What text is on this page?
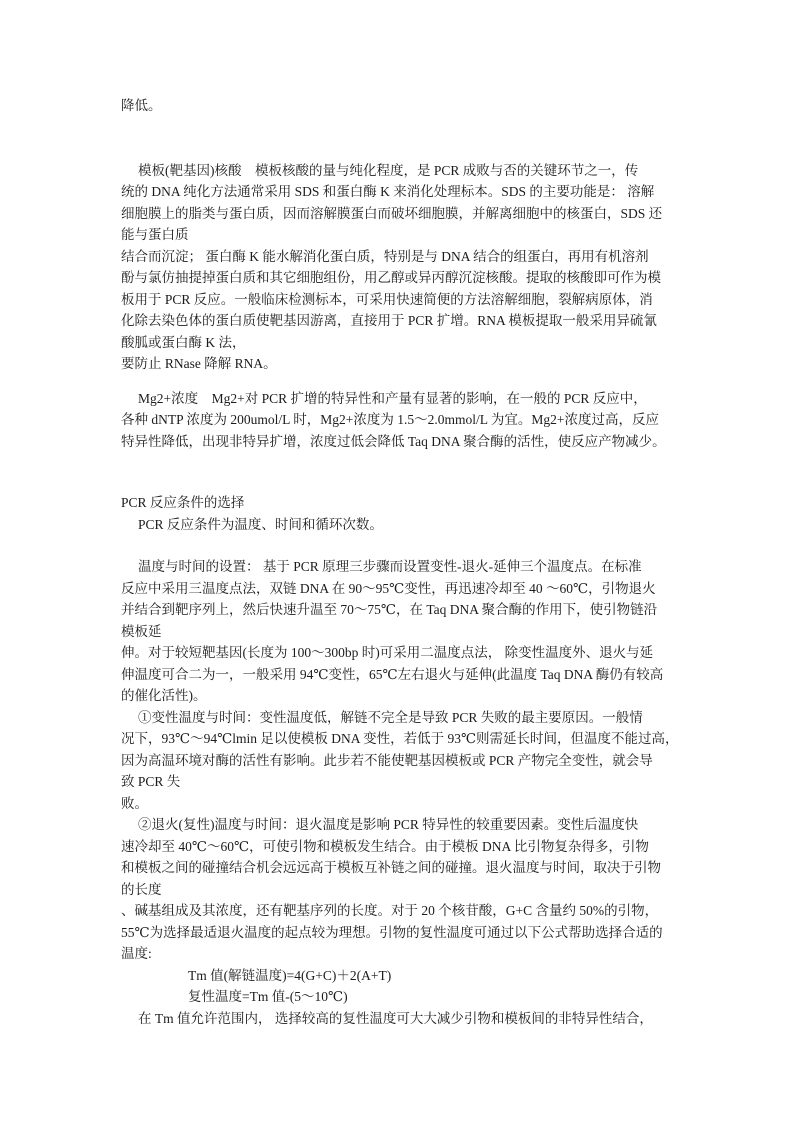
降低。
模板(靶基因)核酸　模板核酸的量与纯化程度，是 PCR 成败与否的关键环节之一，传
统的 DNA 纯化方法通常采用 SDS 和蛋白酶 K 来消化处理标本。SDS 的主要功能是： 溶解
细胞膜上的脂类与蛋白质，因而溶解膜蛋白而破坏细胞膜，并解离细胞中的核蛋白，SDS 还
能与蛋白质
结合而沉淀； 蛋白酶 K 能水解消化蛋白质，特别是与 DNA 结合的组蛋白，再用有机溶剂
酚与氯仿抽提掉蛋白质和其它细胞组份，用乙醇或异丙醇沉淀核酸。提取的核酸即可作为模
板用于 PCR 反应。一般临床检测标本，可采用快速简便的方法溶解细胞，裂解病原体，消
化除去染色体的蛋白质使靶基因游离，直接用于 PCR 扩增。RNA 模板提取一般采用异硫氰
酸胍或蛋白酶 K 法，
要防止 RNase 降解 RNA。
Mg2+浓度　Mg2+对 PCR 扩增的特异性和产量有显著的影响，在一般的 PCR 反应中，
各种 dNTP 浓度为 200umol/L 时，Mg2+浓度为 1.5～2.0mmol/L 为宜。Mg2+浓度过高，反应
特异性降低，出现非特异扩增，浓度过低会降低 Taq DNA 聚合酶的活性，使反应产物减少。
PCR 反应条件的选择
PCR 反应条件为温度、时间和循环次数。
温度与时间的设置： 基于 PCR 原理三步骤而设置变性-退火-延伸三个温度点。在标准
反应中采用三温度点法，双链 DNA 在 90～95℃变性，再迅速冷却至 40 ～60℃，引物退火
并结合到靶序列上，然后快速升温至 70～75℃，在 Taq DNA 聚合酶的作用下，使引物链沿
模板延
伸。对于较短靶基因(长度为 100～300bp 时)可采用二温度点法， 除变性温度外、退火与延
伸温度可合二为一，一般采用 94℃变性，65℃左右退火与延伸(此温度 Taq DNA 酶仍有较高
的催化活性)。
①变性温度与时间：变性温度低，解链不完全是导致 PCR 失败的最主要原因。一般情
况下，93℃～94℃lmin 足以使模板 DNA 变性，若低于 93℃则需延长时间，但温度不能过高，
因为高温环境对酶的活性有影响。此步若不能使靶基因模板或 PCR 产物完全变性，就会导
致 PCR 失
败。
②退火(复性)温度与时间：退火温度是影响 PCR 特异性的较重要因素。变性后温度快
速冷却至 40℃～60℃，可使引物和模板发生结合。由于模板 DNA 比引物复杂得多，引物
和模板之间的碰撞结合机会远远高于模板互补链之间的碰撞。退火温度与时间，取决于引物
的长度
、碱基组成及其浓度，还有靶基序列的长度。对于 20 个核苷酸，G+C 含量约 50%的引物，
55℃为选择最适退火温度的起点较为理想。引物的复性温度可通过以下公式帮助选择合适的
温度:
Tm 值(解链温度)=4(G+C)＋2(A+T)
复性温度=Tm 值-(5～10℃)
在 Tm 值允许范围内， 选择较高的复性温度可大大减少引物和模板间的非特异性结合，
